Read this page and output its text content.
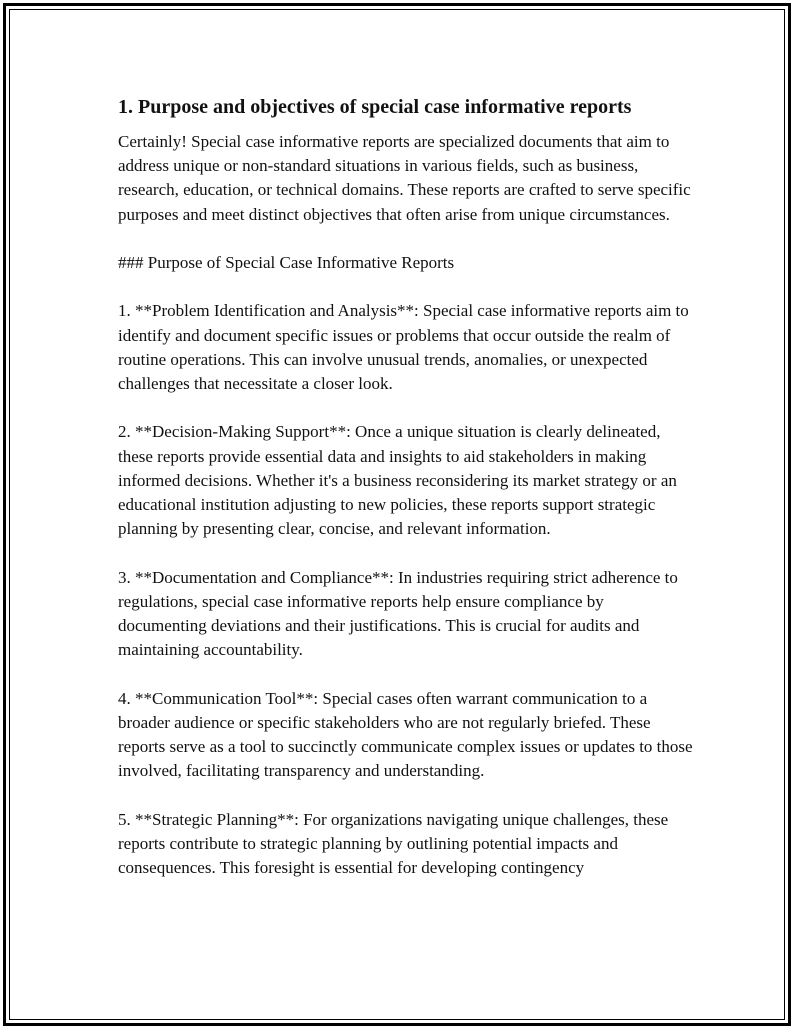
1. Purpose and objectives of special case informative reports

Certainly! Special case informative reports are specialized documents that aim to address unique or non-standard situations in various fields, such as business, research, education, or technical domains. These reports are crafted to serve specific purposes and meet distinct objectives that often arise from unique circumstances.

### Purpose of Special Case Informative Reports

1. **Problem Identification and Analysis**: Special case informative reports aim to identify and document specific issues or problems that occur outside the realm of routine operations. This can involve unusual trends, anomalies, or unexpected challenges that necessitate a closer look.

2. **Decision-Making Support**: Once a unique situation is clearly delineated, these reports provide essential data and insights to aid stakeholders in making informed decisions. Whether it's a business reconsidering its market strategy or an educational institution adjusting to new policies, these reports support strategic planning by presenting clear, concise, and relevant information.

3. **Documentation and Compliance**: In industries requiring strict adherence to regulations, special case informative reports help ensure compliance by documenting deviations and their justifications. This is crucial for audits and maintaining accountability.

4. **Communication Tool**: Special cases often warrant communication to a broader audience or specific stakeholders who are not regularly briefed. These reports serve as a tool to succinctly communicate complex issues or updates to those involved, facilitating transparency and understanding.

5. **Strategic Planning**: For organizations navigating unique challenges, these reports contribute to strategic planning by outlining potential impacts and consequences. This foresight is essential for developing contingency
